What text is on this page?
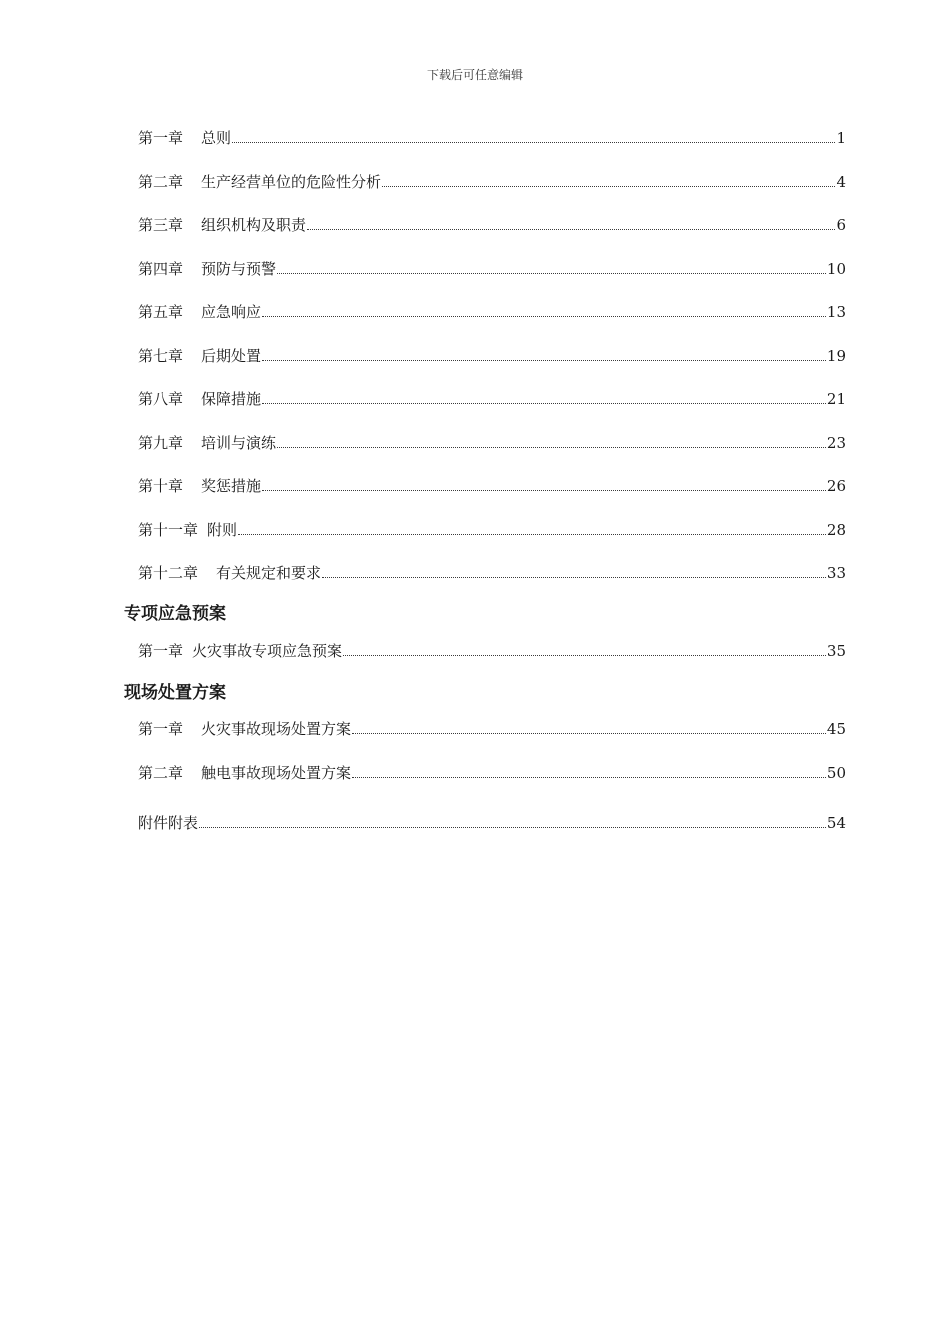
下载后可任意编辑
第一章	总则	1
第二章	生产经营单位的危险性分析	4
第三章	组织机构及职责	6
第四章	预防与预警	10
第五章	应急响应	13
第七章	后期处置	19
第八章	保障措施	21
第九章	培训与演练	23
第十章	奖惩措施	26
第十一章 附则	28
第十二章	有关规定和要求	33
专项应急预案
第一章 火灾事故专项应急预案	35
现场处置方案
第一章	火灾事故现场处置方案	45
第二章	触电事故现场处置方案	50
附件附表	54
